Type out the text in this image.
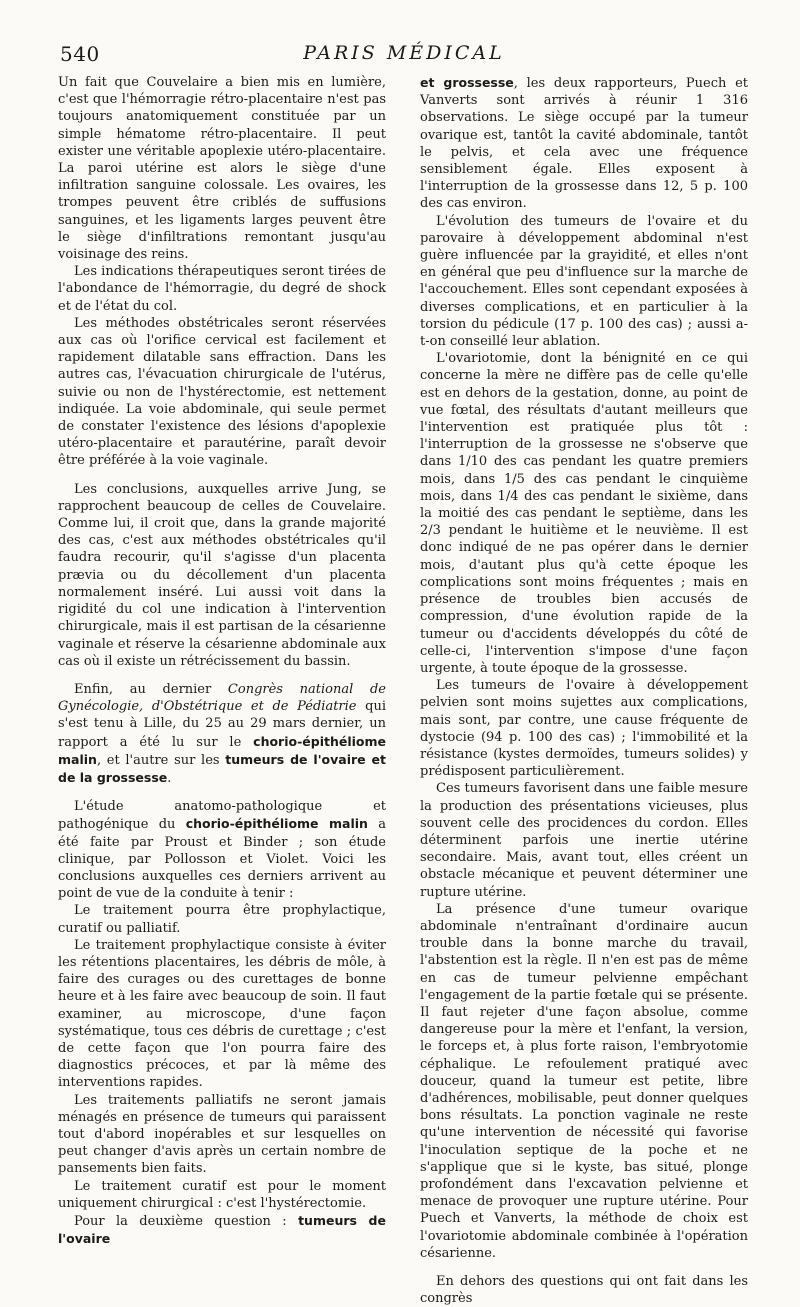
540	PARIS MÉDICAL

Un fait que Couvelaire a bien mis en lumière, c'est que l'hémorragie rétro-placentaire n'est pas toujours anatomiquement constituée par un simple hématome rétro-placentaire. Il peut exister une véritable apoplexie utéro-placentaire. La paroi utérine est alors le siège d'une infiltration sanguine colossale. Les ovaires, les trompes peuvent être criblés de suffusions sanguines, et les ligaments larges peuvent être le siège d'infiltrations remontant jusqu'au voisinage des reins.

Les indications thérapeutiques seront tirées de l'abondance de l'hémorragie, du degré de shock et de l'état du col.

Les méthodes obstétricales seront réservées aux cas où l'orifice cervical est facilement et rapidement dilatable sans effraction. Dans les autres cas, l'évacuation chirurgicale de l'utérus, suivie ou non de l'hystérectomie, est nettement indiquée. La voie abdominale, qui seule permet de constater l'existence des lésions d'apoplexie utéro-placentaire et parautérine, paraît devoir être préférée à la voie vaginale.

Les conclusions, auxquelles arrive Jung, se rapprochent beaucoup de celles de Couvelaire. Comme lui, il croit que, dans la grande majorité des cas, c'est aux méthodes obstétricales qu'il faudra recourir, qu'il s'agisse d'un placenta prævia ou du décollement d'un placenta normalement inséré. Lui aussi voit dans la rigidité du col une indication à l'intervention chirurgicale, mais il est partisan de la césarienne vaginale et réserve la césarienne abdominale aux cas où il existe un rétrécissement du bassin.

Enfin, au dernier Congrès national de Gynécologie, d'Obstétrique et de Pédiatrie qui s'est tenu à Lille, du 25 au 29 mars dernier, un rapport a été lu sur le chorio-épithéliome malin, et l'autre sur les tumeurs de l'ovaire et de la grossesse.

L'étude anatomo-pathologique et pathogénique du chorio-épithéliome malin a été faite par Proust et Binder ; son étude clinique, par Pollosson et Violet. Voici les conclusions auxquelles ces derniers arrivent au point de vue de la conduite à tenir :

Le traitement pourra être prophylactique, curatif ou palliatif.

Le traitement prophylactique consiste à éviter les rétentions placentaires, les débris de môle, à faire des curages ou des curettages de bonne heure et à les faire avec beaucoup de soin. Il faut examiner, au microscope, d'une façon systématique, tous ces débris de curettage ; c'est de cette façon que l'on pourra faire des diagnostics précoces, et par là même des interventions rapides.

Les traitements palliatifs ne seront jamais ménagés en présence de tumeurs qui paraissent tout d'abord inopérables et sur lesquelles on peut changer d'avis après un certain nombre de pansements bien faits.

Le traitement curatif est pour le moment uniquement chirurgical : c'est l'hystérectomie.

Pour la deuxième question : tumeurs de l'ovaire

et grossesse, les deux rapporteurs, Puech et Vanverts sont arrivés à réunir 1 316 observations. Le siège occupé par la tumeur ovarique est, tantôt la cavité abdominale, tantôt le pelvis, et cela avec une fréquence sensiblement égale. Elles exposent à l'interruption de la grossesse dans 12, 5 p. 100 des cas environ.

L'évolution des tumeurs de l'ovaire et du parovaire à développement abdominal n'est guère influencée par la grayidité, et elles n'ont en général que peu d'influence sur la marche de l'accouchement. Elles sont cependant exposées à diverses complications, et en particulier à la torsion du pédicule (17 p. 100 des cas) ; aussi a-t-on conseillé leur ablation.

L'ovariotomie, dont la bénignité en ce qui concerne la mère ne diffère pas de celle qu'elle est en dehors de la gestation, donne, au point de vue fœtal, des résultats d'autant meilleurs que l'intervention est pratiquée plus tôt : l'interruption de la grossesse ne s'observe que dans 1/10 des cas pendant les quatre premiers mois, dans 1/5 des cas pendant le cinquième mois, dans 1/4 des cas pendant le sixième, dans la moitié des cas pendant le septième, dans les 2/3 pendant le huitième et le neuvième. Il est donc indiqué de ne pas opérer dans le dernier mois, d'autant plus qu'à cette époque les complications sont moins fréquentes ; mais en présence de troubles bien accusés de compression, d'une évolution rapide de la tumeur ou d'accidents développés du côté de celle-ci, l'intervention s'impose d'une façon urgente, à toute époque de la grossesse.

Les tumeurs de l'ovaire à développement pelvien sont moins sujettes aux complications, mais sont, par contre, une cause fréquente de dystocie (94 p. 100 des cas) ; l'immobilité et la résistance (kystes dermoïdes, tumeurs solides) y prédisposent particulièrement.

Ces tumeurs favorisent dans une faible mesure la production des présentations vicieuses, plus souvent celle des procidences du cordon. Elles déterminent parfois une inertie utérine secondaire. Mais, avant tout, elles créent un obstacle mécanique et peuvent déterminer une rupture utérine.

La présence d'une tumeur ovarique abdominale n'entraînant d'ordinaire aucun trouble dans la bonne marche du travail, l'abstention est la règle. Il n'en est pas de même en cas de tumeur pelvienne empêchant l'engagement de la partie fœtale qui se présente. Il faut rejeter d'une façon absolue, comme dangereuse pour la mère et l'enfant, la version, le forceps et, à plus forte raison, l'embryotomie céphalique. Le refoulement pratiqué avec douceur, quand la tumeur est petite, libre d'adhérences, mobilisable, peut donner quelques bons résultats. La ponction vaginale ne reste qu'une intervention de nécessité qui favorise l'inoculation septique de la poche et ne s'applique que si le kyste, bas situé, plonge profondément dans l'excavation pelvienne et menace de provoquer une rupture utérine. Pour Puech et Vanverts, la méthode de choix est l'ovariotomie abdominale combinée à l'opération césarienne.

En dehors des questions qui ont fait dans les congrès
